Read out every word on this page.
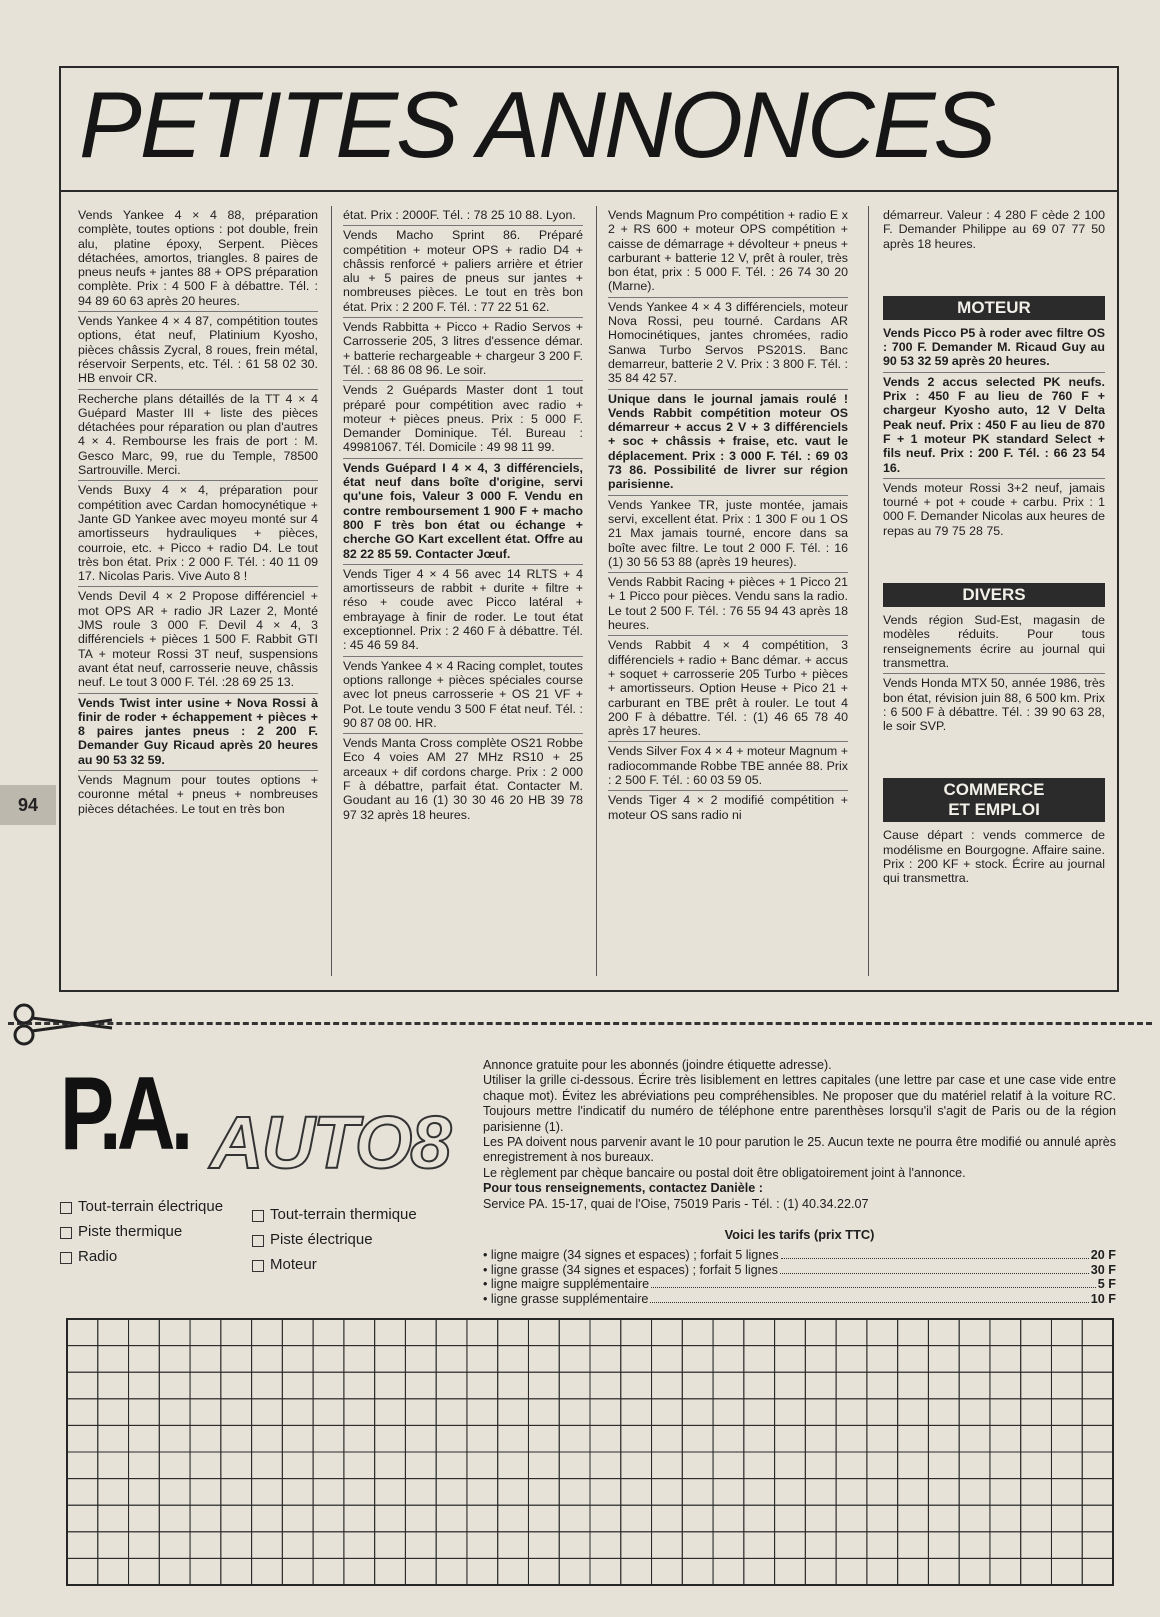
PETITES ANNONCES

Vends Yankee 4 × 4 88, préparation complète, toutes options : pot double, frein alu, platine époxy, Serpent. Pièces détachées, amortos, triangles. 8 paires de pneus neufs + jantes 88 + OPS préparation complète. Prix : 4 500 F à débattre. Tél. : 94 89 60 63 après 20 heures.

Vends Yankee 4 × 4 87, compétition toutes options, état neuf, Platinium Kyosho, pièces châssis Zycral, 8 roues, frein métal, réservoir Serpents, etc. Tél. : 61 58 02 30. HB envoir CR.

Recherche plans détaillés de la TT 4 × 4 Guépard Master III + liste des pièces détachées pour réparation ou plan d'autres 4 × 4. Rembourse les frais de port : M. Gesco Marc, 99, rue du Temple, 78500 Sartrouville. Merci.

Vends Buxy 4 × 4, préparation pour compétition avec Cardan homocynétique + Jante GD Yankee avec moyeu monté sur 4 amortisseurs hydrauliques + pièces, courroie, etc. + Picco + radio D4. Le tout très bon état. Prix : 2 000 F. Tél. : 40 11 09 17. Nicolas Paris. Vive Auto 8 !

Vends Devil 4 × 2 Propose différenciel + mot OPS AR + radio JR Lazer 2, Monté JMS roule 3 000 F. Devil 4 × 4, 3 différenciels + pièces 1 500 F. Rabbit GTI TA + moteur Rossi 3T neuf, suspensions avant état neuf, carrosserie neuve, châssis neuf. Le tout 3 000 F. Tél. :28 69 25 13.

Vends Twist inter usine + Nova Rossi à finir de roder + échappement + pièces + 8 paires jantes pneus : 2 200 F. Demander Guy Ricaud après 20 heures au 90 53 32 59.

Vends Magnum pour toutes options + couronne métal + pneus + nombreuses pièces détachées. Le tout en très bon

état. Prix : 2000F. Tél. : 78 25 10 88. Lyon.

Vends Macho Sprint 86. Préparé compétition + moteur OPS + radio D4 + châssis renforcé + paliers arrière et étrier alu + 5 paires de pneus sur jantes + nombreuses pièces. Le tout en très bon état. Prix : 2 200 F. Tél. : 77 22 51 62.

Vends Rabbitta + Picco + Radio Servos + Carrosserie 205, 3 litres d'essence démar. + batterie rechargeable + chargeur 3 200 F. Tél. : 68 86 08 96. Le soir.

Vends 2 Guépards Master dont 1 tout préparé pour compétition avec radio + moteur + pièces pneus. Prix : 5 000 F. Demander Dominique. Tél. Bureau : 49981067. Tél. Domicile : 49 98 11 99.

Vends Guépard I 4 × 4, 3 différenciels, état neuf dans boîte d'origine, servi qu'une fois, Valeur 3 000 F. Vendu en contre remboursement 1 900 F + macho 800 F très bon état ou échange + cherche GO Kart excellent état. Offre au 82 22 85 59. Contacter Jœuf.

Vends Tiger 4 × 4 56 avec 14 RLTS + 4 amortisseurs de rabbit + durite + filtre + réso + coude avec Picco latéral + embrayage à finir de roder. Le tout état exceptionnel. Prix : 2 460 F à débattre. Tél. : 45 46 59 84.

Vends Yankee 4 × 4 Racing complet, toutes options rallonge + pièces spéciales course avec lot pneus carrosserie + OS 21 VF + Pot. Le toute vendu 3 500 F état neuf. Tél. : 90 87 08 00. HR.

Vends Manta Cross complète OS21 Robbe Eco 4 voies AM 27 MHz RS10 + 25 arceaux + dif cordons charge. Prix : 2 000 F à débattre, parfait état. Contacter M. Goudant au 16 (1) 30 30 46 20 HB 39 78 97 32 après 18 heures.

Vends Magnum Pro compétition + radio E x 2 + RS 600 + moteur OPS compétition + caisse de démarrage + dévolteur + pneus + carburant + batterie 12 V, prêt à rouler, très bon état, prix : 5 000 F. Tél. : 26 74 30 20 (Marne).

Vends Yankee 4 × 4 3 différenciels, moteur Nova Rossi, peu tourné. Cardans AR Homocinétiques, jantes chromées, radio Sanwa Turbo Servos PS201S. Banc demarreur, batterie 2 V. Prix : 3 800 F. Tél. : 35 84 42 57.

Unique dans le journal jamais roulé ! Vends Rabbit compétition moteur OS démarreur + accus 2 V + 3 différenciels + soc + châssis + fraise, etc. vaut le déplacement. Prix : 3 000 F. Tél. : 69 03 73 86. Possibilité de livrer sur région parisienne.

Vends Yankee TR, juste montée, jamais servi, excellent état. Prix : 1 300 F ou 1 OS 21 Max jamais tourné, encore dans sa boîte avec filtre. Le tout 2 000 F. Tél. : 16 (1) 30 56 53 88 (après 19 heures).

Vends Rabbit Racing + pièces + 1 Picco 21 + 1 Picco pour pièces. Vendu sans la radio. Le tout 2 500 F. Tél. : 76 55 94 43 après 18 heures.

Vends Rabbit 4 × 4 compétition, 3 différenciels + radio + Banc démar. + accus + soquet + carrosserie 205 Turbo + pièces + amortisseurs. Option Heuse + Pico 21 + carburant en TBE prêt à rouler. Le tout 4 200 F à débattre. Tél. : (1) 46 65 78 40 après 17 heures.

Vends Silver Fox 4 × 4 + moteur Magnum + radiocommande Robbe TBE année 88. Prix : 2 500 F. Tél. : 60 03 59 05.

Vends Tiger 4 × 2 modifié compétition + moteur OS sans radio ni

démarreur. Valeur : 4 280 F cède 2 100 F. Demander Philippe au 69 07 77 50 après 18 heures.

MOTEUR

Vends Picco P5 à roder avec filtre OS : 700 F. Demander M. Ricaud Guy au 90 53 32 59 après 20 heures.

Vends 2 accus selected PK neufs. Prix : 450 F au lieu de 760 F + chargeur Kyosho auto, 12 V Delta Peak neuf. Prix : 450 F au lieu de 870 F + 1 moteur PK standard Select + fils neuf. Prix : 200 F. Tél. : 66 23 54 16.

Vends moteur Rossi 3+2 neuf, jamais tourné + pot + coude + carbu. Prix : 1 000 F. Demander Nicolas aux heures de repas au 79 75 28 75.

DIVERS

Vends région Sud-Est, magasin de modèles réduits. Pour tous renseignements écrire au journal qui transmettra.

Vends Honda MTX 50, année 1986, très bon état, révision juin 88, 6 500 km. Prix : 6 500 F à débattre. Tél. : 39 90 63 28, le soir SVP.

COMMERCE
ET EMPLOI

Cause départ : vends commerce de modélisme en Bourgogne. Affaire saine. Prix : 200 KF + stock. Écrire au journal qui transmettra.

94
P.A. AUTO8
Tout-terrain électrique
Piste thermique
Radio
Tout-terrain thermique
Piste électrique
Moteur

Annonce gratuite pour les abonnés (joindre étiquette adresse).

Utiliser la grille ci-dessous. Écrire très lisiblement en lettres capitales (une lettre par case et une case vide entre chaque mot). Évitez les abréviations peu compréhensibles. Ne proposer que du matériel relatif à la voiture RC. Toujours mettre l'indicatif du numéro de téléphone entre parenthèses lorsqu'il s'agit de Paris ou de la région parisienne (1).

Les PA doivent nous parvenir avant le 10 pour parution le 25. Aucun texte ne pourra être modifié ou annulé après enregistrement à nos bureaux.

Le règlement par chèque bancaire ou postal doit être obligatoirement joint à l'annonce.

Pour tous renseignements, contactez Danièle :

Service PA. 15-17, quai de l'Oise, 75019 Paris - Tél. : (1) 40.34.22.07

Voici les tarifs (prix TTC)
• ligne maigre (34 signes et espaces) ; forfait 5 lignes	20 F
• ligne grasse (34 signes et espaces) ; forfait 5 lignes	30 F
• ligne maigre supplémentaire	5 F
• ligne grasse supplémentaire	10 F
